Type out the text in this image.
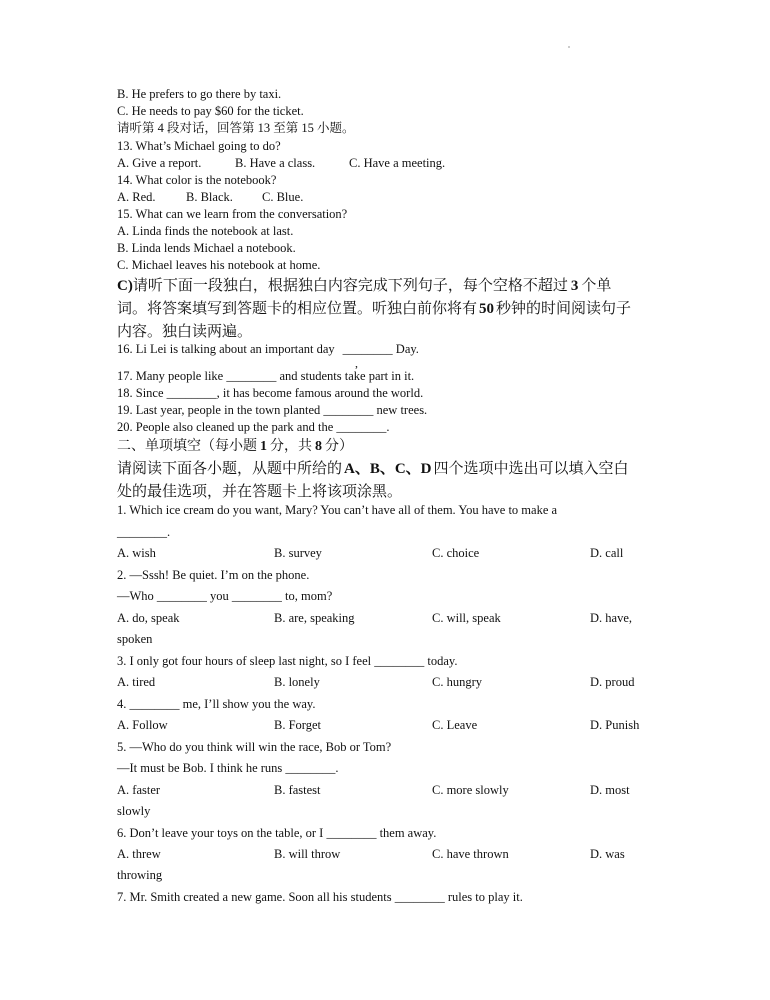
B. He prefers to go there by taxi.
C. He needs to pay $60 for the ticket.
请听第 4 段对话，回答第 13 至第 15 小题。
13. What’s Michael going to do?
A. Give a report.	B. Have a class.	C. Have a meeting.
14. What color is the notebook?
A. Red. B. Black. C. Blue.
15. What can we learn from the conversation?
A. Linda finds the notebook at last.
B. Linda lends Michael a notebook.
C. Michael leaves his notebook at home.
C)请听下面一段独白，根据独白内容完成下列句子，每个空格不超过 3 个单
词。将答案填写到答题卡的相应位置。听独白前你将有 50 秒钟的时间阅读句子
内容。独白读两遍。
16. Li Lei is talking about an important day ________ Day.
,
17. Many people like ________ and students take part in it.
18. Since ________, it has become famous around the world.
19. Last year, people in the town planted ________ new trees.
20. People also cleaned up the park and the ________.
二、单项填空（每小题 1 分，共 8 分）
请阅读下面各小题，从题中所给的 A、B、C、D 四个选项中选出可以填入空白
处的最佳选项，并在答题卡上将该项涂黑。
1. Which ice cream do you want, Mary? You can’t have all of them. You have to make a
________.
A. wish	B. survey	C. choice	D. call
2. —Sssh! Be quiet. I’m on the phone.
—Who ________ you ________ to, mom?
A. do, speak	B. are, speaking	C. will, speak	D. have,
spoken
3. I only got four hours of sleep last night, so I feel ________ today.
A. tired	B. lonely	C. hungry	D. proud
4. ________ me, I’ll show you the way.
A. Follow	B. Forget	C. Leave	D. Punish
5. —Who do you think will win the race, Bob or Tom?
—It must be Bob. I think he runs ________.
A. faster	B. fastest	C. more slowly	D. most
slowly
6. Don’t leave your toys on the table, or I ________ them away.
A. threw	B. will throw	C. have thrown	D. was
throwing
7. Mr. Smith created a new game. Soon all his students ________ rules to play it.
